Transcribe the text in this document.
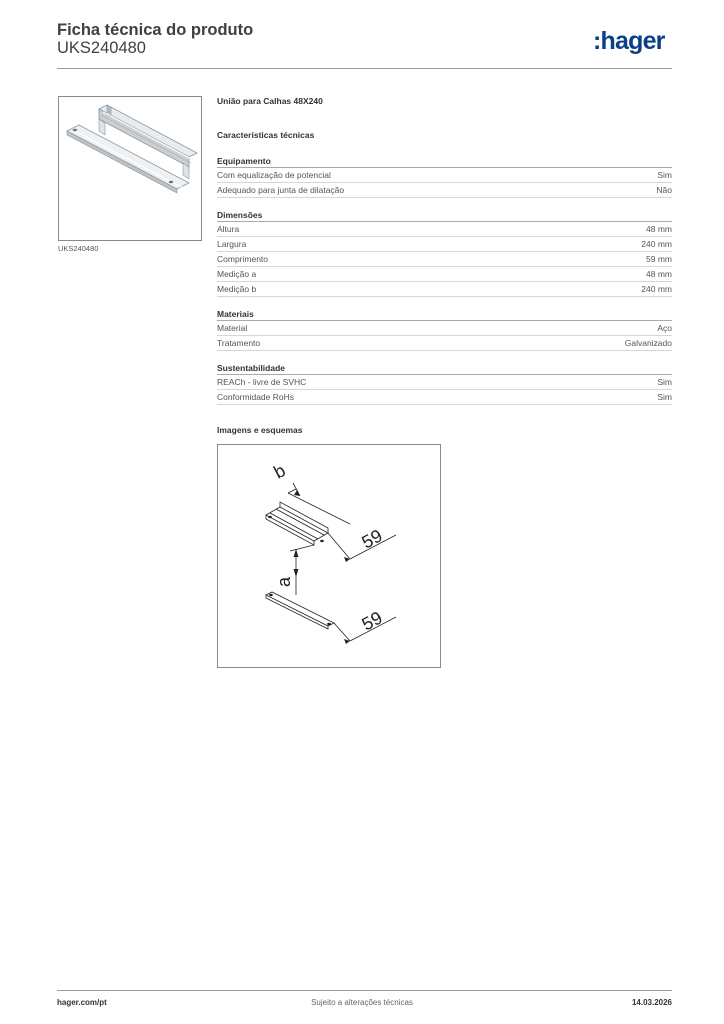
Ficha técnica do produto
UKS240480	:hager
UKS240480
União para Calhas 48X240
Características técnicas
Equipamento
Com equalização de potencial	Sim
Adequado para junta de dilatação	Não
Dimensões
Altura	48 mm
Largura	240 mm
Comprimento	59 mm
Medição a	48 mm
Medição b	240 mm
Materiais
Material	Aço
Tratamento	Galvanizado
Sustentabilidade
REACh - livre de SVHC	Sim
Conformidade RoHs	Sim
Imagens e esquemas
b
59
a
59
hager.com/pt	Sujeito a alterações técnicas	14.03.2026
